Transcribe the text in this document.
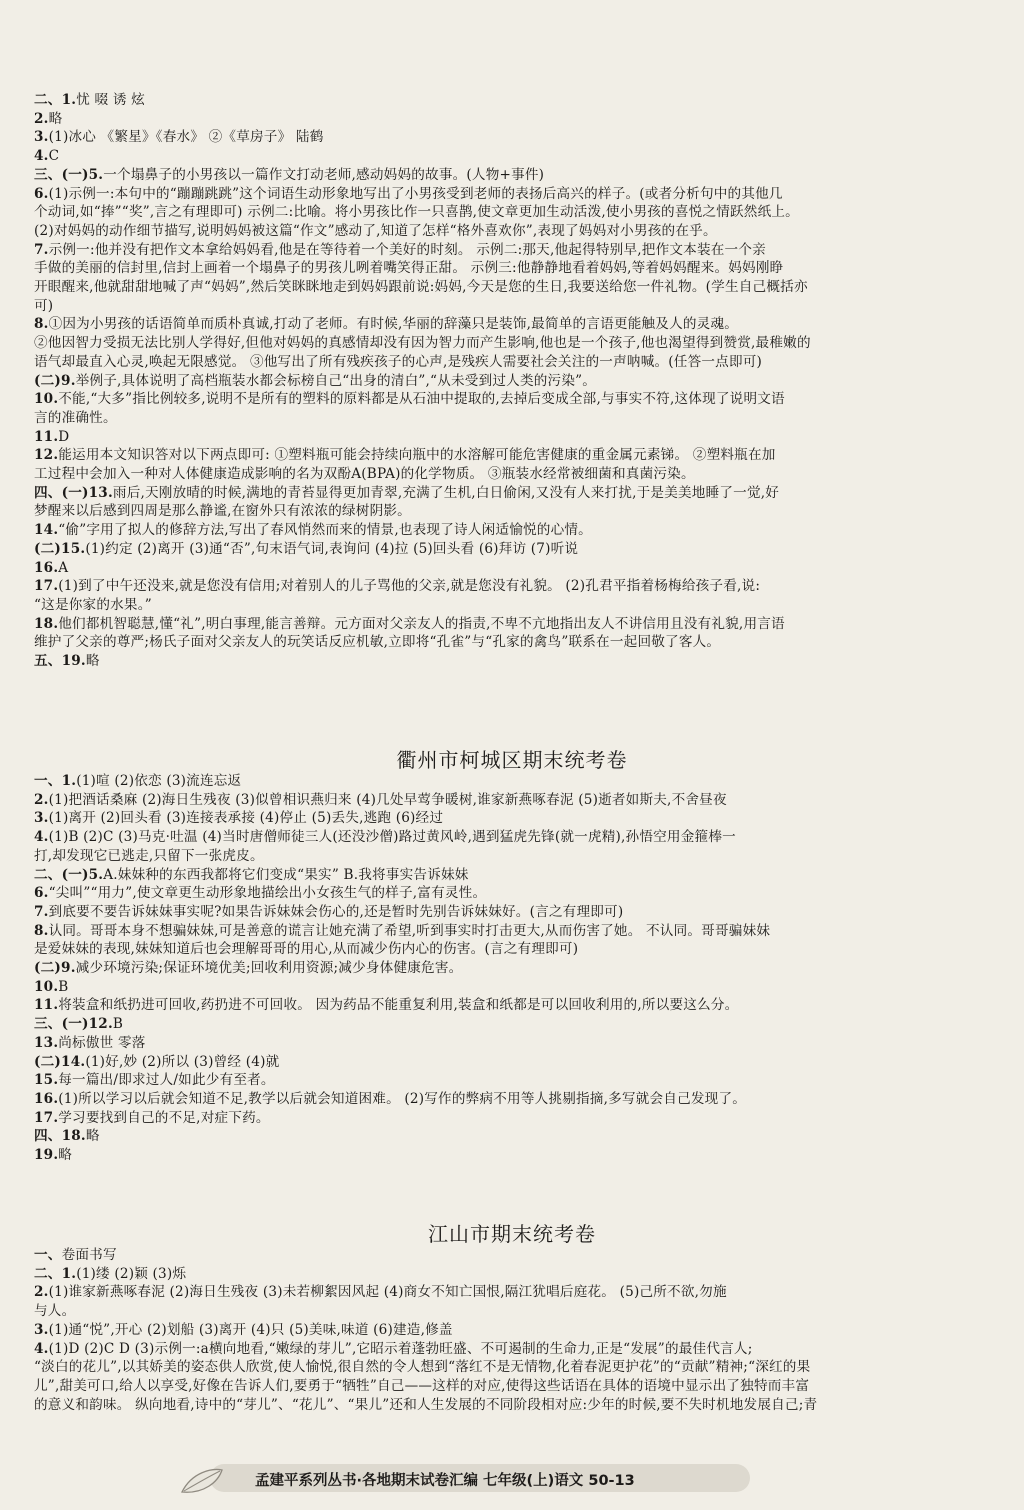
二、1.忧 啜 诱 炫
2.略
3.(1)冰心 《繁星》《春水》 ②《草房子》 陆鹤
4.C
三、(一)5.一个塌鼻子的小男孩以一篇作文打动老师,感动妈妈的故事。(人物+事件)
6.(1)示例一:本句中的“蹦蹦跳跳”这个词语生动形象地写出了小男孩受到老师的表扬后高兴的样子。(或者分析句中的其他几
个动词,如“捧”“奖”,言之有理即可) 示例二:比喻。将小男孩比作一只喜鹊,使文章更加生动活泼,使小男孩的喜悦之情跃然纸上。
(2)对妈妈的动作细节描写,说明妈妈被这篇“作文”感动了,知道了怎样“格外喜欢你”,表现了妈妈对小男孩的在乎。
7.示例一:他并没有把作文本拿给妈妈看,他是在等待着一个美好的时刻。 示例二:那天,他起得特别早,把作文本装在一个亲
手做的美丽的信封里,信封上画着一个塌鼻子的男孩儿咧着嘴笑得正甜。 示例三:他静静地看着妈妈,等着妈妈醒来。妈妈刚睁
开眼醒来,他就甜甜地喊了声“妈妈”,然后笑眯眯地走到妈妈跟前说:妈妈,今天是您的生日,我要送给您一件礼物。(学生自己概括亦
可)
8.①因为小男孩的话语简单而质朴真诚,打动了老师。有时候,华丽的辞藻只是装饰,最简单的言语更能触及人的灵魂。
②他因智力受损无法比别人学得好,但他对妈妈的真感情却没有因为智力而产生影响,他也是一个孩子,他也渴望得到赞赏,最稚嫩的
语气却最直入心灵,唤起无限感觉。 ③他写出了所有残疾孩子的心声,是残疾人需要社会关注的一声呐喊。(任答一点即可)
(二)9.举例子,具体说明了高档瓶装水都会标榜自己“出身的清白”,“从未受到过人类的污染”。
10.不能,“大多”指比例较多,说明不是所有的塑料的原料都是从石油中提取的,去掉后变成全部,与事实不符,这体现了说明文语
言的准确性。
11.D
12.能运用本文知识答对以下两点即可: ①塑料瓶可能会持续向瓶中的水溶解可能危害健康的重金属元素锑。 ②塑料瓶在加
工过程中会加入一种对人体健康造成影响的名为双酚A(BPA)的化学物质。 ③瓶装水经常被细菌和真菌污染。
四、(一)13.雨后,天刚放晴的时候,满地的青苔显得更加青翠,充满了生机,白日偷闲,又没有人来打扰,于是美美地睡了一觉,好
梦醒来以后感到四周是那么静谧,在窗外只有浓浓的绿树阴影。
14.“偷”字用了拟人的修辞方法,写出了春风悄然而来的情景,也表现了诗人闲适愉悦的心情。
(二)15.(1)约定 (2)离开 (3)通“否”,句末语气词,表询问 (4)拉 (5)回头看 (6)拜访 (7)听说
16.A
17.(1)到了中午还没来,就是您没有信用;对着别人的儿子骂他的父亲,就是您没有礼貌。 (2)孔君平指着杨梅给孩子看,说:
“这是你家的水果。”
18.他们都机智聪慧,懂“礼”,明白事理,能言善辩。元方面对父亲友人的指责,不卑不亢地指出友人不讲信用且没有礼貌,用言语
维护了父亲的尊严;杨氏子面对父亲友人的玩笑话反应机敏,立即将“孔雀”与“孔家的禽鸟”联系在一起回敬了客人。
五、19.略
衢州市柯城区期末统考卷
一、1.(1)喧 (2)依恋 (3)流连忘返
2.(1)把酒话桑麻 (2)海日生残夜 (3)似曾相识燕归来 (4)几处早莺争暖树,谁家新燕啄春泥 (5)逝者如斯夫,不舍昼夜
3.(1)离开 (2)回头看 (3)连接表承接 (4)停止 (5)丢失,逃跑 (6)经过
4.(1)B (2)C (3)马克·吐温 (4)当时唐僧师徒三人(还没沙僧)路过黄风岭,遇到猛虎先锋(就一虎精),孙悟空用金箍棒一
打,却发现它已逃走,只留下一张虎皮。
二、(一)5.A.妹妹种的东西我都将它们变成“果实” B.我将事实告诉妹妹
6.“尖叫”“用力”,使文章更生动形象地描绘出小女孩生气的样子,富有灵性。
7.到底要不要告诉妹妹事实呢?如果告诉妹妹会伤心的,还是暂时先别告诉妹妹好。(言之有理即可)
8.认同。哥哥本身不想骗妹妹,可是善意的谎言让她充满了希望,听到事实时打击更大,从而伤害了她。 不认同。哥哥骗妹妹
是爱妹妹的表现,妹妹知道后也会理解哥哥的用心,从而减少伤内心的伤害。(言之有理即可)
(二)9.减少环境污染;保证环境优美;回收利用资源;减少身体健康危害。
10.B
11.将装盒和纸扔进可回收,药扔进不可回收。 因为药品不能重复利用,装盒和纸都是可以回收利用的,所以要这么分。
三、(一)12.B
13.尚标傲世 零落
(二)14.(1)好,妙 (2)所以 (3)曾经 (4)就
15.每一篇出/即求过人/如此少有至者。
16.(1)所以学习以后就会知道不足,教学以后就会知道困难。 (2)写作的弊病不用等人挑剔指摘,多写就会自己发现了。
17.学习要找到自己的不足,对症下药。
四、18.略
19.略
江山市期末统考卷
一、卷面书写
二、1.(1)缕 (2)颖 (3)烁
2.(1)谁家新燕啄春泥 (2)海日生残夜 (3)未若柳絮因风起 (4)商女不知亡国恨,隔江犹唱后庭花。 (5)己所不欲,勿施
与人。
3.(1)通“悦”,开心 (2)划船 (3)离开 (4)只 (5)美味,味道 (6)建造,修盖
4.(1)D (2)C D (3)示例一:a横向地看,“嫩绿的芽儿”,它昭示着蓬勃旺盛、不可遏制的生命力,正是“发展”的最佳代言人;
“淡白的花儿”,以其娇美的姿态供人欣赏,使人愉悦,很自然的令人想到“落红不是无情物,化着春泥更护花”的“贡献”精神;“深红的果
儿”,甜美可口,给人以享受,好像在告诉人们,要勇于“牺牲”自己——这样的对应,使得这些话语在具体的语境中显示出了独特而丰富
的意义和韵味。 纵向地看,诗中的“芽儿”、“花儿”、“果儿”还和人生发展的不同阶段相对应:少年的时候,要不失时机地发展自己;青
孟建平系列丛书·各地期末试卷汇编 七年级(上)语文 50-13
